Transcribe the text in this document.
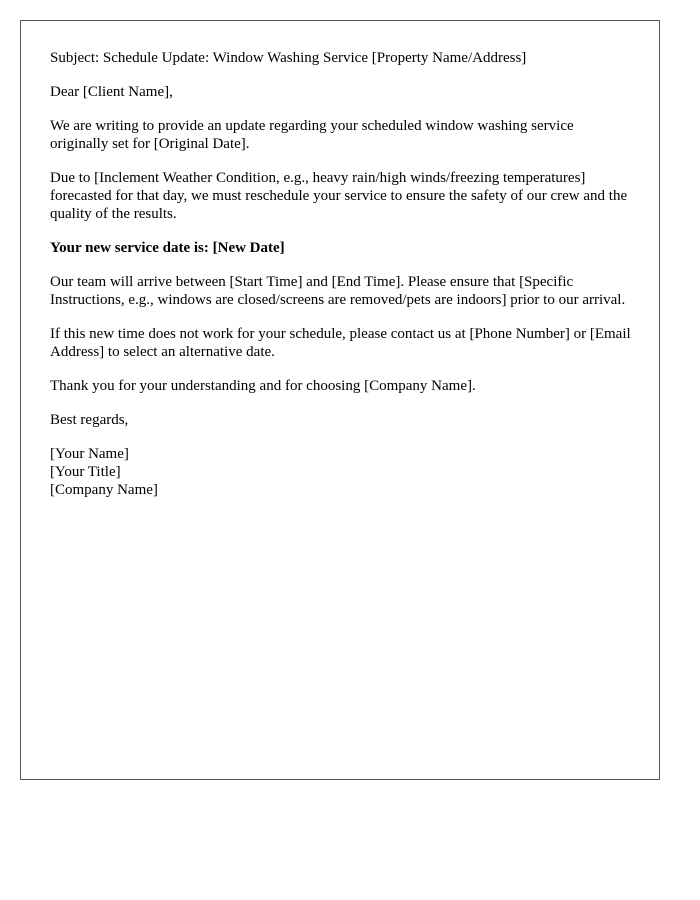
Subject: Schedule Update: Window Washing Service [Property Name/Address]

Dear [Client Name],

We are writing to provide an update regarding your scheduled window washing service originally set for [Original Date].

Due to [Inclement Weather Condition, e.g., heavy rain/high winds/freezing temperatures] forecasted for that day, we must reschedule your service to ensure the safety of our crew and the quality of the results.

Your new service date is: [New Date]

Our team will arrive between [Start Time] and [End Time]. Please ensure that [Specific Instructions, e.g., windows are closed/screens are removed/pets are indoors] prior to our arrival.

If this new time does not work for your schedule, please contact us at [Phone Number] or [Email Address] to select an alternative date.

Thank you for your understanding and for choosing [Company Name].

Best regards,

[Your Name]
[Your Title]
[Company Name]
